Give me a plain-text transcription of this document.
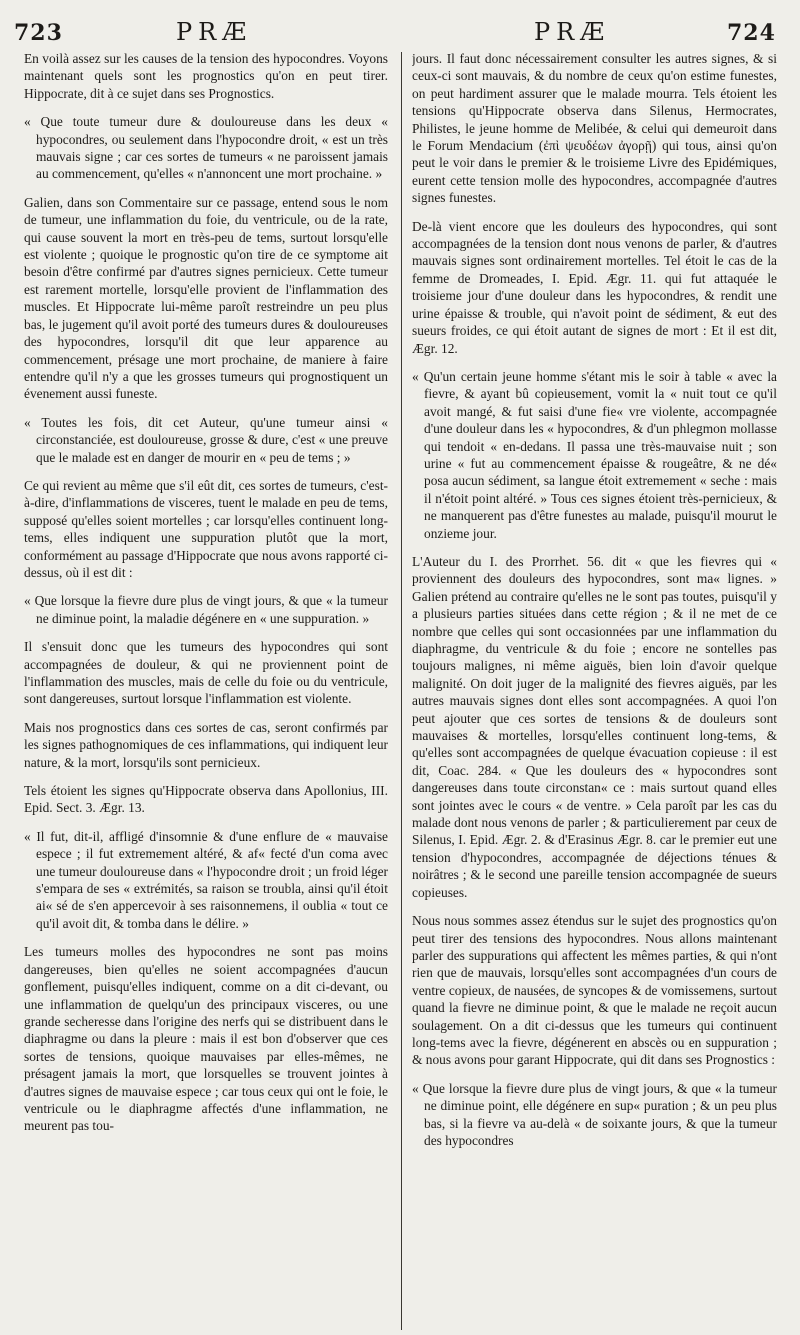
723	PRÆ	PRÆ	724

En voilà assez sur les causes de la tension des hypocondres. Voyons maintenant quels sont les prognostics qu'on en peut tirer. Hippocrate, dit à ce sujet dans ses Prognostics.

« Que toute tumeur dure & douloureuse dans les deux « hypocondres, ou seulement dans l'hypocondre droit, « est un très mauvais signe ; car ces sortes de tumeurs « ne paroissent jamais au commencement, qu'elles « n'annoncent une mort prochaine. »

Galien, dans son Commentaire sur ce passage, entend sous le nom de tumeur, une inflammation du foie, du ventricule, ou de la rate, qui cause souvent la mort en très-peu de tems, surtout lorsqu'elle est violente ; quoique le prognostic qu'on tire de ce symptome ait besoin d'être confirmé par d'autres signes pernicieux. Cette tumeur est rarement mortelle, lorsqu'elle provient de l'inflammation des muscles. Et Hippocrate lui-même paroît restreindre un peu plus bas, le jugement qu'il avoit porté des tumeurs dures & douloureuses des hypocondres, lorsqu'il dit que leur apparence au commencement, présage une mort prochaine, de maniere à faire entendre qu'il n'y a que les grosses tumeurs qui prognostiquent un évenement aussi funeste.

« Toutes les fois, dit cet Auteur, qu'une tumeur ainsi « circonstanciée, est douloureuse, grosse & dure, c'est « une preuve que le malade est en danger de mourir en « peu de tems ; »

Ce qui revient au même que s'il eût dit, ces sortes de tumeurs, c'est-à-dire, d'inflammations de visceres, tuent le malade en peu de tems, supposé qu'elles soient mortelles ; car lorsqu'elles continuent long-tems, elles indiquent une suppuration plutôt que la mort, conformément au passage d'Hippocrate que nous avons rapporté ci-dessus, où il est dit :

« Que lorsque la fievre dure plus de vingt jours, & que « la tumeur ne diminue point, la maladie dégénere en « une suppuration. »

Il s'ensuit donc que les tumeurs des hypocondres qui sont accompagnées de douleur, & qui ne proviennent point de l'inflammation des muscles, mais de celle du foie ou du ventricule, sont dangereuses, surtout lorsque l'inflammation est violente.

Mais nos prognostics dans ces sortes de cas, seront confirmés par les signes pathognomiques de ces inflammations, qui indiquent leur nature, & la mort, lorsqu'ils sont pernicieux.

Tels étoient les signes qu'Hippocrate observa dans Apollonius, III. Epid. Sect. 3. Ægr. 13.

« Il fut, dit-il, affligé d'insomnie & d'une enflure de « mauvaise espece ; il fut extremement altéré, & af« fecté d'un coma avec une tumeur douloureuse dans « l'hypocondre droit ; un froid léger s'empara de ses « extrémités, sa raison se troubla, ainsi qu'il étoit ai« sé de s'en appercevoir à ses raisonnemens, il oublia « tout ce qu'il avoit dit, & tomba dans le délire. »

Les tumeurs molles des hypocondres ne sont pas moins dangereuses, bien qu'elles ne soient accompagnées d'aucun gonflement, puisqu'elles indiquent, comme on a dit ci-devant, ou une inflammation de quelqu'un des principaux visceres, ou une grande secheresse dans l'origine des nerfs qui se distribuent dans le diaphragme ou dans la pleure : mais il est bon d'observer que ces sortes de tensions, quoique mauvaises par elles-mêmes, ne présagent jamais la mort, que lorsquelles se trouvent jointes à d'autres signes de mauvaise espece ; car tous ceux qui ont le foie, le ventricule ou le diaphragme affectés d'une inflammation, ne meurent pas tou-

jours. Il faut donc nécessairement consulter les autres signes, & si ceux-ci sont mauvais, & du nombre de ceux qu'on estime funestes, on peut hardiment assurer que le malade mourra. Tels étoient les tensions qu'Hippocrate observa dans Silenus, Hermocrates, Philistes, le jeune homme de Melibée, & celui qui demeuroit dans le Forum Mendacium (ἐπὶ ψευδέων ἀγορῇ) qui tous, ainsi qu'on peut le voir dans le premier & le troisieme Livre des Epidémiques, eurent cette tension molle des hypocondres, accompagnée d'autres signes funestes.

De-là vient encore que les douleurs des hypocondres, qui sont accompagnées de la tension dont nous venons de parler, & d'autres mauvais signes sont ordinairement mortelles. Tel étoit le cas de la femme de Dromeades, I. Epid. Ægr. 11. qui fut attaquée le troisieme jour d'une douleur dans les hypocondres, & rendit une urine épaisse & trouble, qui n'avoit point de sédiment, & eut des sueurs froides, ce qui étoit autant de signes de mort : Et il est dit, Ægr. 12.

« Qu'un certain jeune homme s'étant mis le soir à table « avec la fievre, & ayant bû copieusement, vomit la « nuit tout ce qu'il avoit mangé, & fut saisi d'une fie« vre violente, accompagnée d'une douleur dans les « hypocondres, & d'un phlegmon mollasse qui tendoit « en-dedans. Il passa une très-mauvaise nuit ; son urine « fut au commencement épaisse & rougeâtre, & ne dé« posa aucun sédiment, sa langue étoit extremement « seche : mais il n'étoit point altéré. » Tous ces signes étoient très-pernicieux, & ne manquerent pas d'être funestes au malade, puisqu'il mourut le onzieme jour.

L'Auteur du I. des Prorrhet. 56. dit « que les fievres qui « proviennent des douleurs des hypocondres, sont ma« lignes. » Galien prétend au contraire qu'elles ne le sont pas toutes, puisqu'il y a plusieurs parties situées dans cette région ; & il ne met de ce nombre que celles qui sont occasionnées par une inflammation du diaphragme, du ventricule & du foie ; encore ne sontelles pas toujours malignes, ni même aiguës, bien loin d'avoir quelque malignité. On doit juger de la malignité des fievres aiguës, par les autres mauvais signes dont elles sont accompagnées. A quoi l'on peut ajouter que ces sortes de tensions & de douleurs sont mauvaises & mortelles, lorsqu'elles continuent long-tems, & qu'elles sont accompagnées de quelque évacuation copieuse : il est dit, Coac. 284. « Que les douleurs des « hypocondres sont dangereuses dans toute circonstan« ce : mais surtout quand elles sont jointes avec le cours « de ventre. » Cela paroît par les cas du malade dont nous venons de parler ; & particulierement par ceux de Silenus, I. Epid. Ægr. 2. & d'Erasinus Ægr. 8. car le premier eut une tension d'hypocondres, accompagnée de déjections ténues & noirâtres ; & le second une pareille tension accompagnée de sueurs copieuses.

Nous nous sommes assez étendus sur le sujet des prognostics qu'on peut tirer des tensions des hypocondres. Nous allons maintenant parler des suppurations qui affectent les mêmes parties, & qui n'ont rien que de mauvais, lorsqu'elles sont accompagnées d'un cours de ventre copieux, de nausées, de syncopes & de vomissemens, surtout quand la fievre ne diminue point, & que le malade ne reçoit aucun soulagement. On a dit ci-dessus que les tumeurs qui continuent long-tems avec la fievre, dégénerent en abscès ou en suppuration ; & nous avons pour garant Hippocrate, qui dit dans ses Prognostics :

« Que lorsque la fievre dure plus de vingt jours, & que « la tumeur ne diminue point, elle dégénere en sup« puration ; & un peu plus bas, si la fievre va au-delà « de soixante jours, & que la tumeur des hypocondres
